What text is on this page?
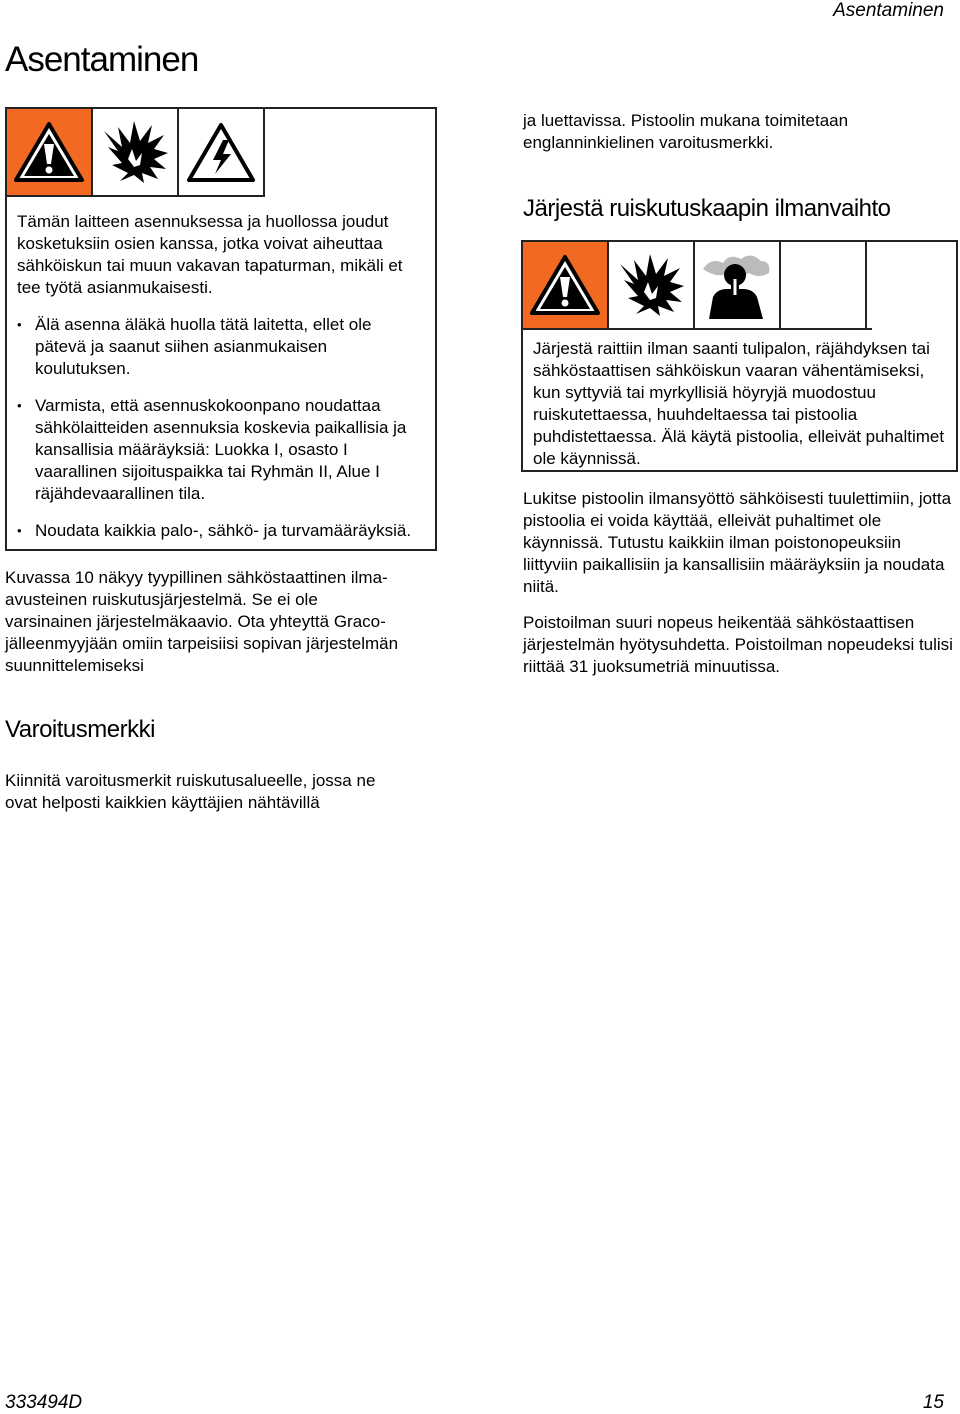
Asentaminen
Asentaminen

Tämän laitteen asennuksessa ja huollossa joudut kosketuksiin osien kanssa, jotka voivat aiheuttaa sähköiskun tai muun vakavan tapaturman, mikäli et tee työtä asianmukaisesti.

• Älä asenna äläkä huolla tätä laitetta, ellet ole pätevä ja saanut siihen asianmukaisen koulutuksen.
• Varmista, että asennuskokoonpano noudattaa sähkölaitteiden asennuksia koskevia paikallisia ja kansallisia määräyksiä: Luokka I, osasto I vaarallinen sijoituspaikka tai Ryhmän II, Alue I räjähdevaarallinen tila.
• Noudata kaikkia palo-, sähkö- ja turvamääräyksiä.

Kuvassa 10 näkyy tyypillinen sähköstaattinen ilma-avusteinen ruiskutusjärjestelmä. Se ei ole varsinainen järjestelmäkaavio. Ota yhteyttä Graco-jälleenmyyjään omiin tarpeisiisi sopivan järjestelmän suunnittelemiseksi

Varoitusmerkki

Kiinnitä varoitusmerkit ruiskutusalueelle, jossa ne ovat helposti kaikkien käyttäjien nähtävillä

ja luettavissa. Pistoolin mukana toimitetaan englanninkielinen varoitusmerkki.

Järjestä ruiskutuskaapin ilmanvaihto

Järjestä raittiin ilman saanti tulipalon, räjähdyksen tai sähköstaattisen sähköiskun vaaran vähentämiseksi, kun syttyviä tai myrkyllisiä höyryjä muodostuu ruiskutettaessa, huuhdeltaessa tai pistoolia puhdistettaessa. Älä käytä pistoolia, elleivät puhaltimet ole käynnissä.

Lukitse pistoolin ilmansyöttö sähköisesti tuulettimiin, jotta pistoolia ei voida käyttää, elleivät puhaltimet ole käynnissä. Tutustu kaikkiin ilman poistonopeuksiin liittyviin paikallisiin ja kansallisiin määräyksiin ja noudata niitä.

Poistoilman suuri nopeus heikentää sähköstaattisen järjestelmän hyötysuhdetta. Poistoilman nopeudeksi tulisi riittää 31 juoksumetriä minuutissa.

333494D	15
